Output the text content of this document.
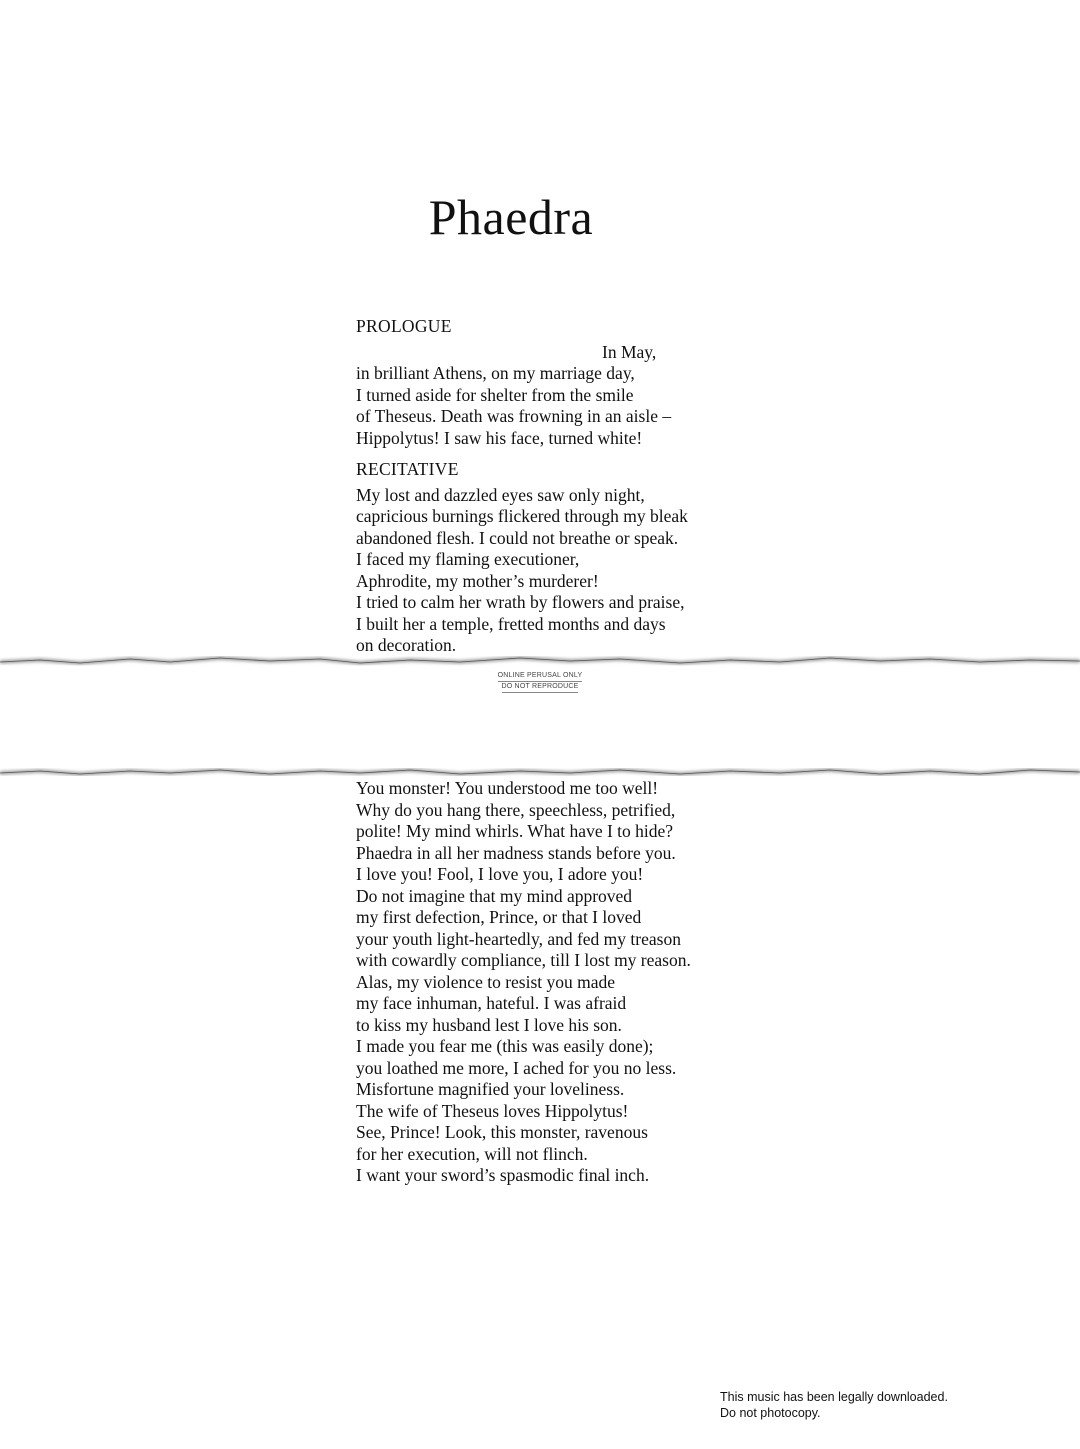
Phaedra
PROLOGUE
In May,
in brilliant Athens, on my marriage day,
I turned aside for shelter from the smile
of Theseus. Death was frowning in an aisle –
Hippolytus! I saw his face, turned white!
RECITATIVE
My lost and dazzled eyes saw only night,
capricious burnings flickered through my bleak
abandoned flesh. I could not breathe or speak.
I faced my flaming executioner,
Aphrodite, my mother’s murderer!
I tried to calm her wrath by flowers and praise,
I built her a temple, fretted months and days
on decoration.
ONLINE PERUSAL ONLY
DO NOT REPRODUCE
You monster! You understood me too well!
Why do you hang there, speechless, petrified,
polite! My mind whirls. What have I to hide?
Phaedra in all her madness stands before you.
I love you! Fool, I love you, I adore you!
Do not imagine that my mind approved
my first defection, Prince, or that I loved
your youth light-heartedly, and fed my treason
with cowardly compliance, till I lost my reason.
Alas, my violence to resist you made
my face inhuman, hateful. I was afraid
to kiss my husband lest I love his son.
I made you fear me (this was easily done);
you loathed me more, I ached for you no less.
Misfortune magnified your loveliness.
The wife of Theseus loves Hippolytus!
See, Prince! Look, this monster, ravenous
for her execution, will not flinch.
I want your sword’s spasmodic final inch.
This music has been legally downloaded.
Do not photocopy.
